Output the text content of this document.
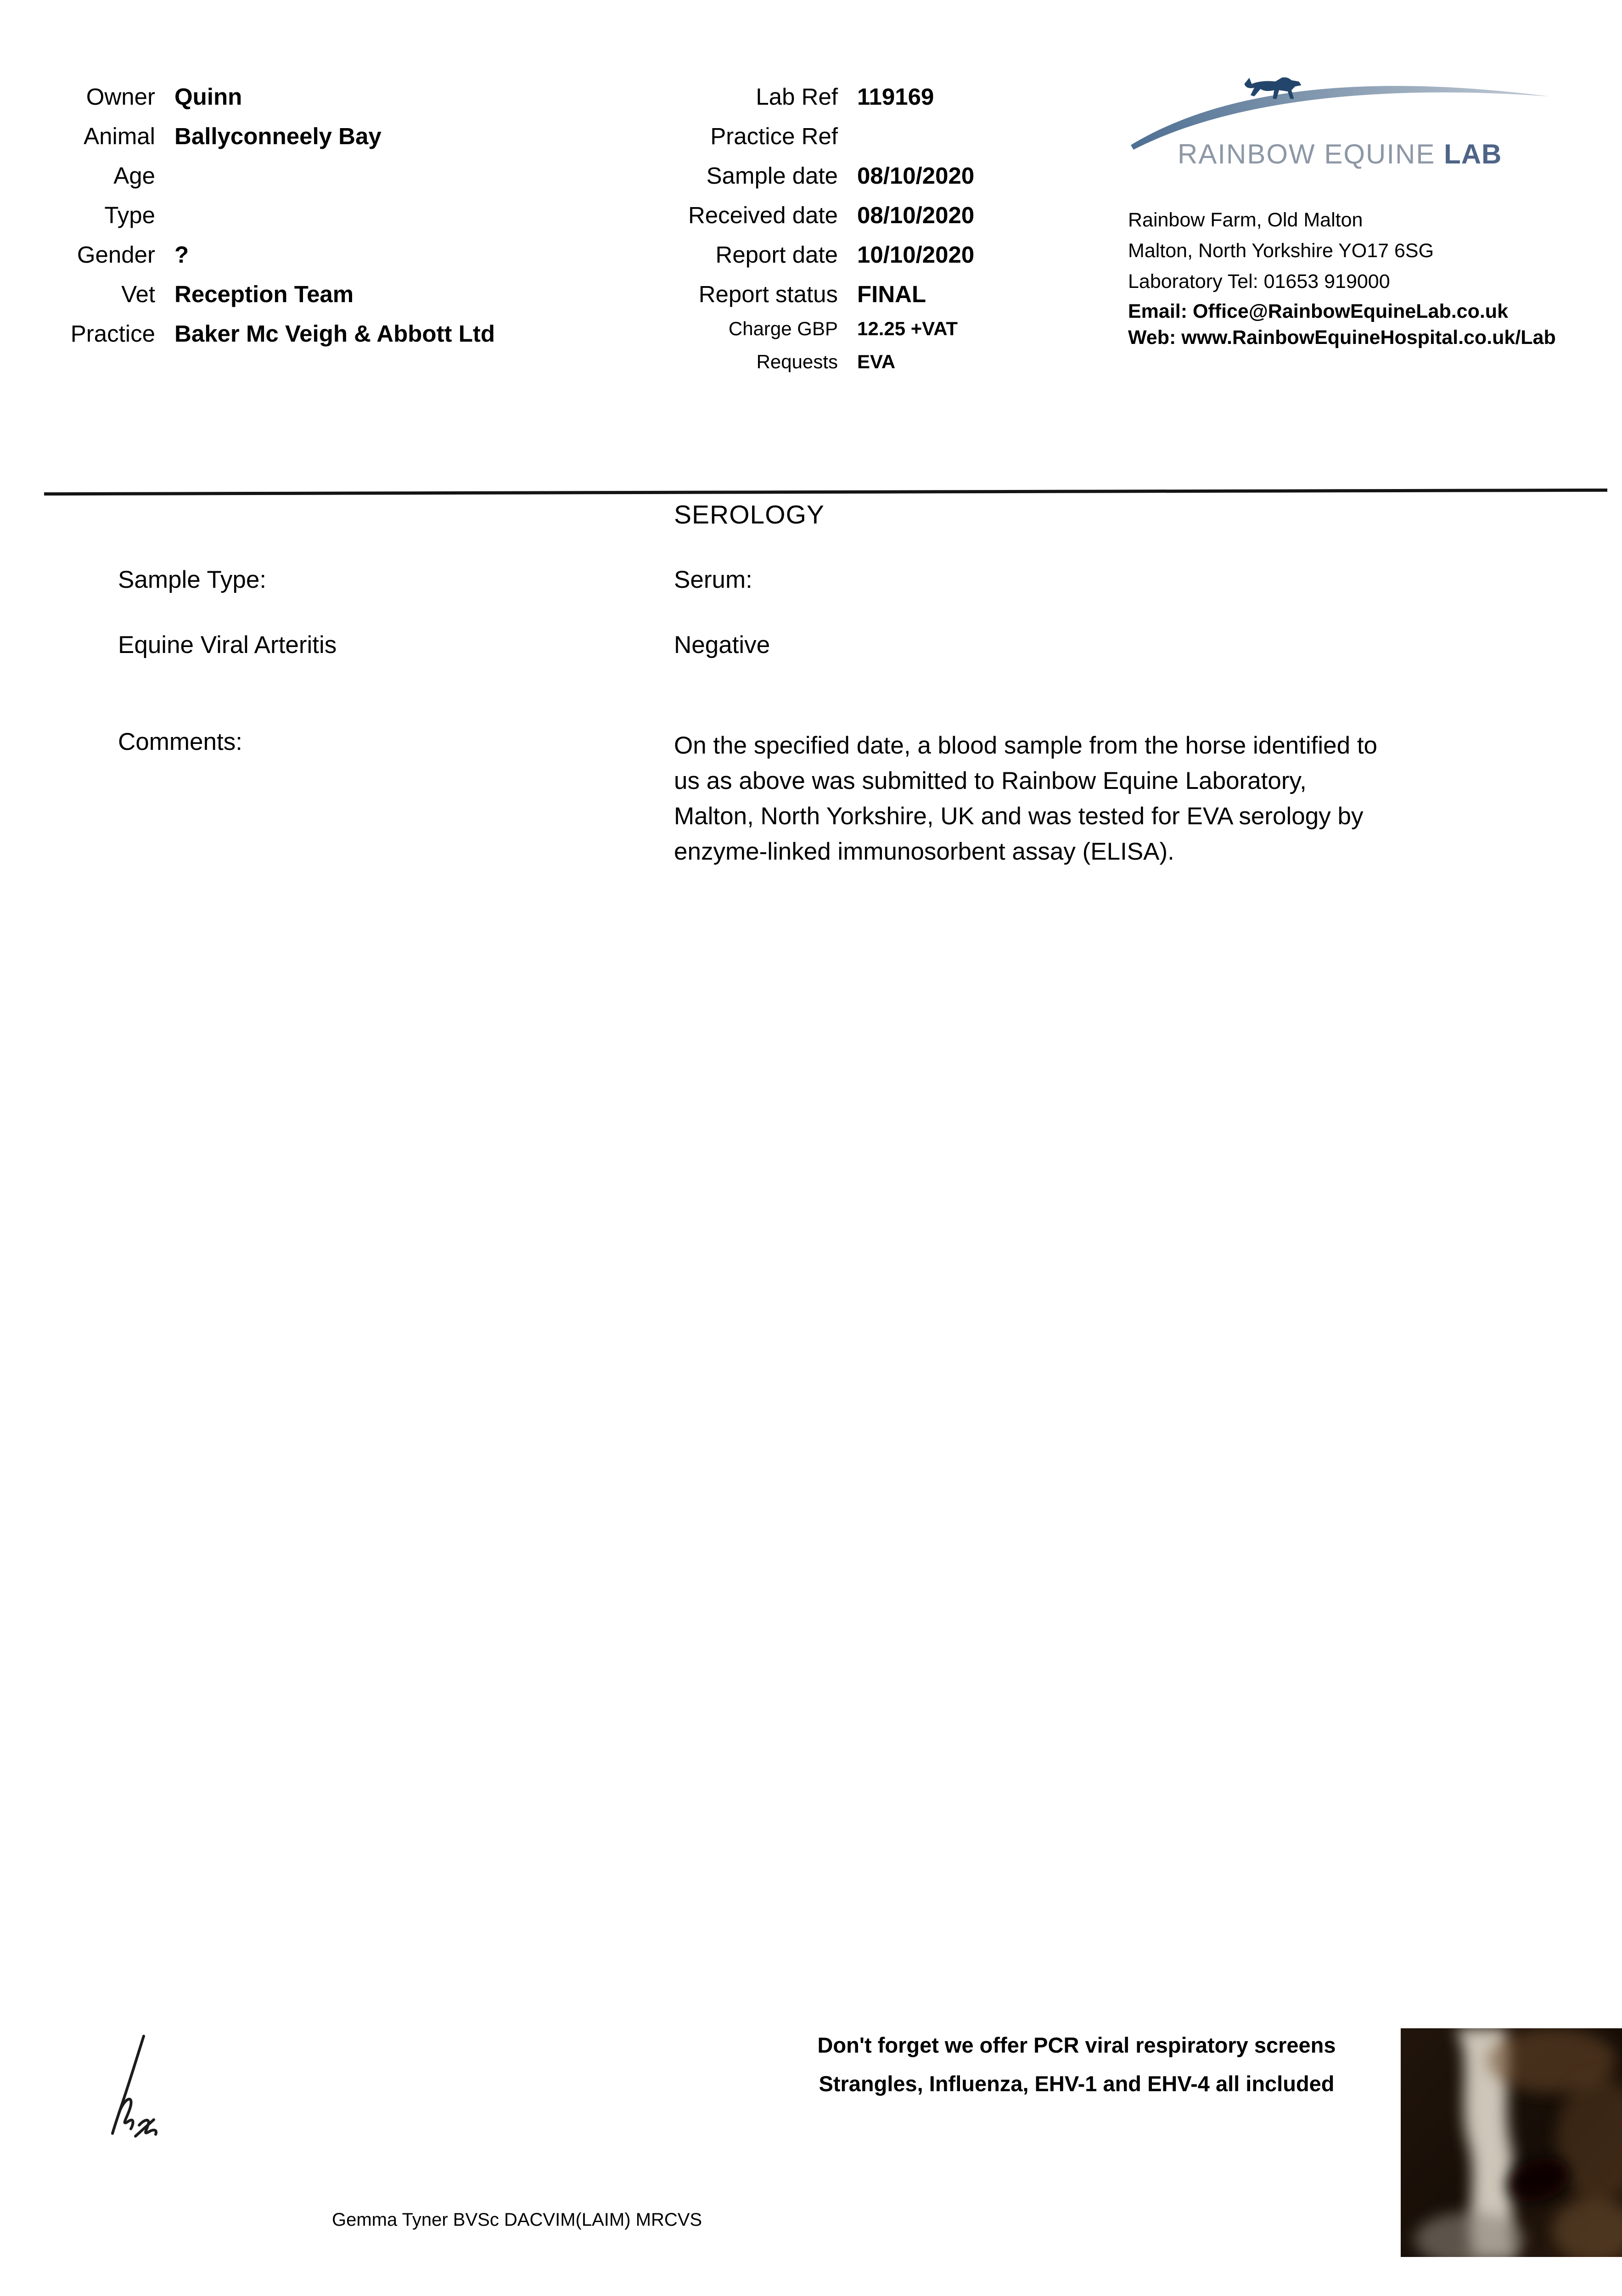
Owner Quinn
Animal Ballyconneely Bay
Age
Type
Gender ?
Vet Reception Team
Practice Baker Mc Veigh & Abbott Ltd
Lab Ref 119169
Practice Ref
Sample date 08/10/2020
Received date 08/10/2020
Report date 10/10/2020
Report status FINAL
Charge GBP 12.25 +VAT
Requests EVA
RAINBOW EQUINE LAB
Rainbow Farm, Old Malton
Malton, North Yorkshire YO17 6SG
Laboratory Tel: 01653 919000
Email: Office@RainbowEquineLab.co.uk
Web: www.RainbowEquineHospital.co.uk/Lab
SEROLOGY
Sample Type:	Serum:
Equine Viral Arteritis	Negative
Comments:	On the specified date, a blood sample from the horse identified to us as above was submitted to Rainbow Equine Laboratory, Malton, North Yorkshire, UK and was tested for EVA serology by enzyme-linked immunosorbent assay (ELISA).
Don't forget we offer PCR viral respiratory screens
Strangles, Influenza, EHV-1 and EHV-4 all included
Gemma Tyner BVSc DACVIM(LAIM) MRCVS
